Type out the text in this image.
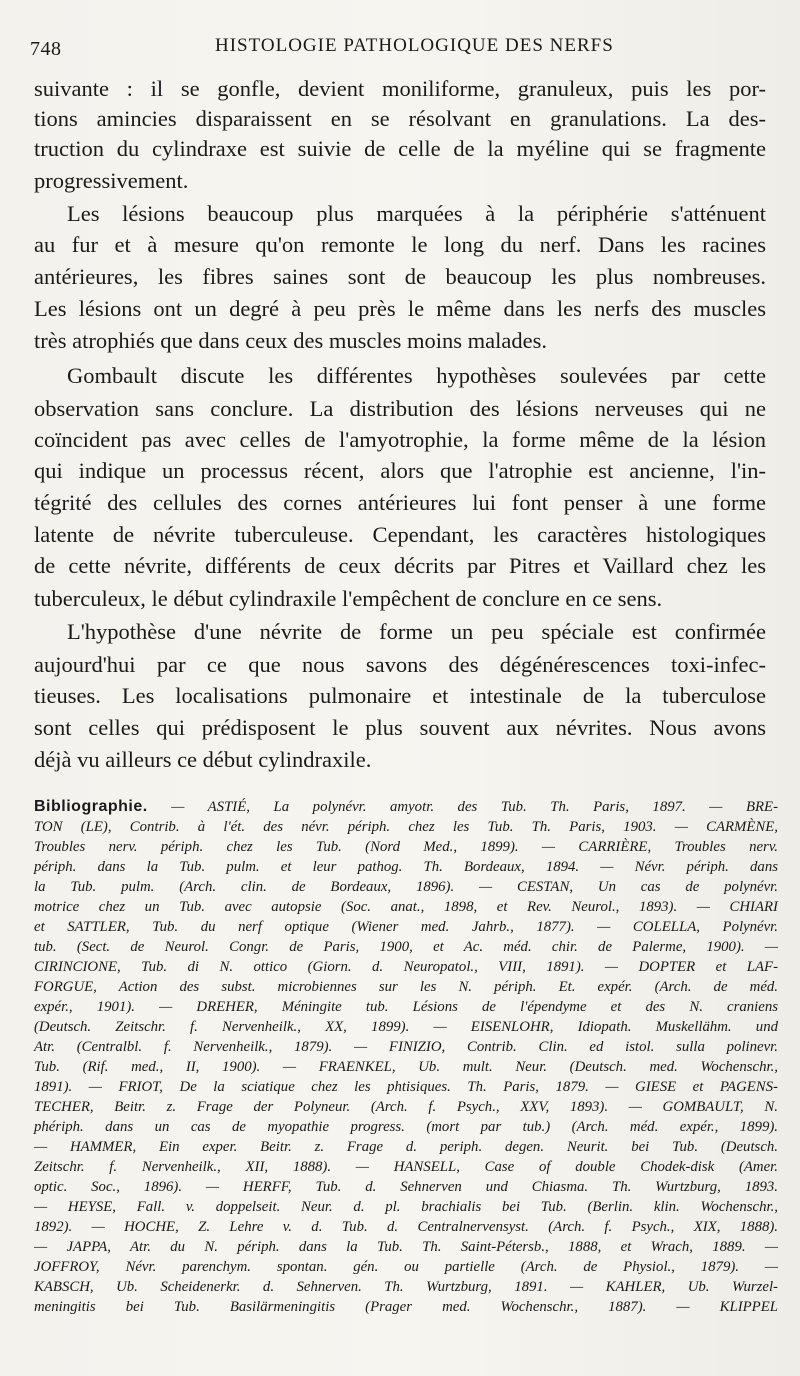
748	HISTOLOGIE PATHOLOGIQUE DES NERFS
suivante : il se gonfle, devient moniliforme, granuleux, puis les por-
tions amincies disparaissent en se résolvant en granulations. La des-
truction du cylindraxe est suivie de celle de la myéline qui se fragmente
progressivement.
Les lésions beaucoup plus marquées à la périphérie s'atténuent
au fur et à mesure qu'on remonte le long du nerf. Dans les racines
antérieures, les fibres saines sont de beaucoup les plus nombreuses.
Les lésions ont un degré à peu près le même dans les nerfs des muscles
très atrophiés que dans ceux des muscles moins malades.
Gombault discute les différentes hypothèses soulevées par cette
observation sans conclure. La distribution des lésions nerveuses qui ne
coïncident pas avec celles de l'amyotrophie, la forme même de la lésion
qui indique un processus récent, alors que l'atrophie est ancienne, l'in-
tégrité des cellules des cornes antérieures lui font penser à une forme
latente de névrite tuberculeuse. Cependant, les caractères histologiques
de cette névrite, différents de ceux décrits par Pitres et Vaillard chez les
tuberculeux, le début cylindraxile l'empêchent de conclure en ce sens.
L'hypothèse d'une névrite de forme un peu spéciale est confirmée
aujourd'hui par ce que nous savons des dégénérescences toxi-infec-
tieuses. Les localisations pulmonaire et intestinale de la tuberculose
sont celles qui prédisposent le plus souvent aux névrites. Nous avons
déjà vu ailleurs ce début cylindraxile.
Bibliographie. — ASTIÉ, La polynévr. amyotr. des Tub. Th. Paris, 1897. — BRE-
TON (LE), Contrib. à l'ét. des névr. périph. chez les Tub. Th. Paris, 1903. — CARMÈNE,
Troubles nerv. périph. chez les Tub. (Nord Med., 1899). — CARRIÈRE, Troubles nerv.
périph. dans la Tub. pulm. et leur pathog. Th. Bordeaux, 1894. — Névr. périph. dans
la Tub. pulm. (Arch. clin. de Bordeaux, 1896). — CESTAN, Un cas de polynévr.
motrice chez un Tub. avec autopsie (Soc. anat., 1898, et Rev. Neurol., 1893). — CHIARI
et SATTLER, Tub. du nerf optique (Wiener med. Jahrb., 1877). — COLELLA, Polynévr.
tub. (Sect. de Neurol. Congr. de Paris, 1900, et Ac. méd. chir. de Palerme, 1900). —
CIRINCIONE, Tub. di N. ottico (Giorn. d. Neuropatol., VIII, 1891). — DOPTER et LAF-
FORGUE, Action des subst. microbiennes sur les N. périph. Et. expér. (Arch. de méd.
expér., 1901). — DREHER, Méningite tub. Lésions de l'épendyme et des N. craniens
(Deutsch. Zeitschr. f. Nervenheilk., XX, 1899). — EISENLOHR, Idiopath. Muskellähm. und
Atr. (Centralbl. f. Nervenheilk., 1879). — FINIZIO, Contrib. Clin. ed istol. sulla polinevr.
Tub. (Rif. med., II, 1900). — FRAENKEL, Ub. mult. Neur. (Deutsch. med. Wochenschr.,
1891). — FRIOT, De la sciatique chez les phtisiques. Th. Paris, 1879. — GIESE et PAGENS-
TECHER, Beitr. z. Frage der Polyneur. (Arch. f. Psych., XXV, 1893). — GOMBAULT, N.
phériph. dans un cas de myopathie progress. (mort par tub.) (Arch. méd. expér., 1899).
— HAMMER, Ein exper. Beitr. z. Frage d. periph. degen. Neurit. bei Tub. (Deutsch.
Zeitschr. f. Nervenheilk., XII, 1888). — HANSELL, Case of double Chodek-disk (Amer.
optic. Soc., 1896). — HERFF, Tub. d. Sehnerven und Chiasma. Th. Wurtzburg, 1893.
— HEYSE, Fall. v. doppelseit. Neur. d. pl. brachialis bei Tub. (Berlin. klin. Wochenschr.,
1892). — HOCHE, Z. Lehre v. d. Tub. d. Centralnervensyst. (Arch. f. Psych., XIX, 1888).
— JAPPA, Atr. du N. périph. dans la Tub. Th. Saint-Pétersb., 1888, et Wrach, 1889. —
JOFFROY, Névr. parenchym. spontan. gén. ou partielle (Arch. de Physiol., 1879). —
KABSCH, Ub. Scheidenerkr. d. Sehnerven. Th. Wurtzburg, 1891. — KAHLER, Ub. Wurzel-
meningitis bei Tub. Basilärmeningitis (Prager med. Wochenschr., 1887). — KLIPPEL
